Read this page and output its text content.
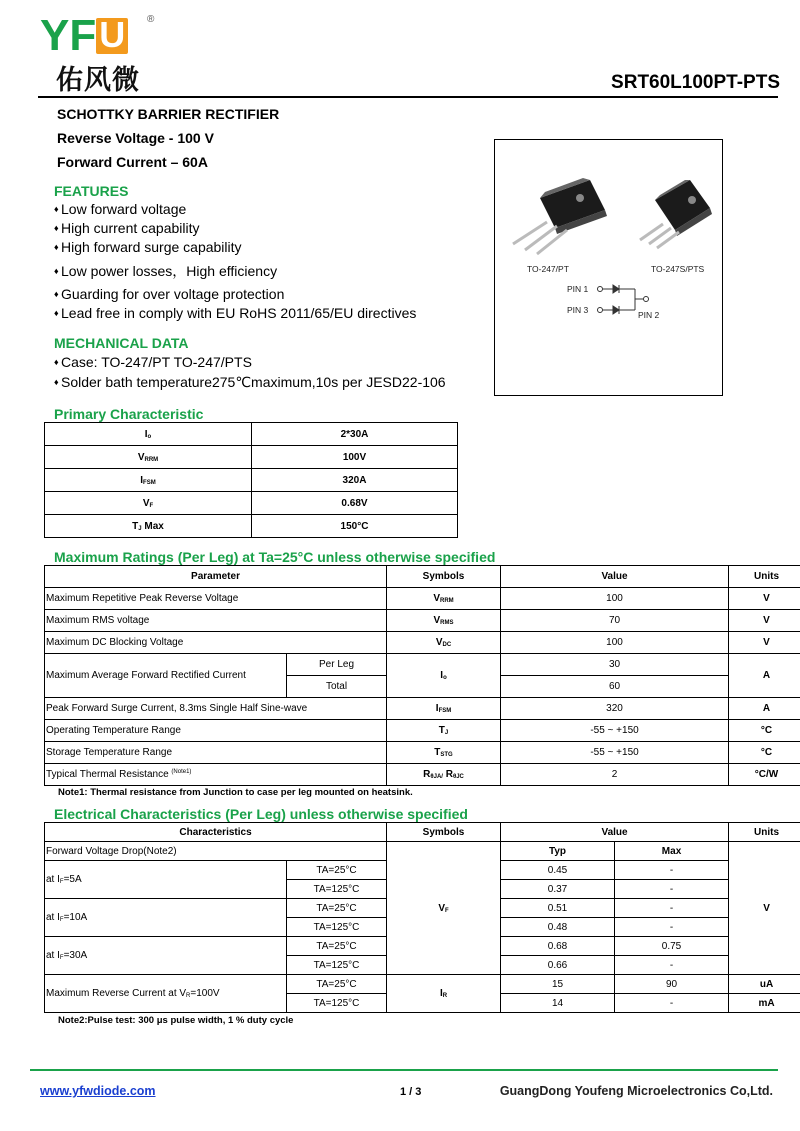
YFU	®
佑风微	SRT60L100PT-PTS
SCHOTTKY BARRIER RECTIFIER
Reverse Voltage - 100 V
Forward Current – 60A
FEATURES
♦ Low forward voltage
♦ High current capability
♦ High forward surge capability
♦ Low power losses，High efficiency
♦ Guarding for over voltage protection
♦ Lead free in comply with EU RoHS 2011/65/EU directives
MECHANICAL DATA
♦ Case: TO-247/PT TO-247/PTS
♦ Solder bath temperature275℃maximum,10s per JESD22-106
TO-247/PT	TO-247S/PTS
PIN 1
PIN 3	PIN 2
Primary Characteristic
$I_o$	2*30A
$V_{RRM}$	100V
$I_{FSM}$	320A
$V_F$	0.68V
$T_J$ Max	150°C
Maximum Ratings (Per Leg) at Ta=25°C unless otherwise specified
Parameter		Symbols	Value	Units
Maximum Repetitive Peak Reverse Voltage		$V_{RRM}$	100	V
Maximum RMS voltage		$V_{RMS}$	70	V
Maximum DC Blocking Voltage		$V_{DC}$	100	V
Maximum Average Forward Rectified Current	Per Leg	$I_o$	30	A
	Total		60	
Peak Forward Surge Current, 8.3ms Single Half Sine-wave		$I_{FSM}$	320	A
Operating Temperature Range		$T_J$	-55 ~ +150	°C
Storage Temperature Range		$T_{STG}$	-55 ~ +150	°C
Typical Thermal Resistance $^{(Note1)}$		$R_{\theta JA/}$ $R_{\theta JC}$	2	°C/W
Note1: Thermal resistance from Junction to case per leg mounted on heatsink.
Electrical Characteristics (Per Leg) unless otherwise specified
Characteristics		Symbols	Value		Units
Forward Voltage Drop(Note2)		$V_F$	Typ	Max	V
at $I_F=5A$	TA=25°C		0.45	-	
	TA=125°C		0.37	-	
at $I_F=10A$	TA=25°C		0.51	-	
	TA=125°C		0.48	-	
at $I_F=30A$	TA=25°C		0.68	0.75	
	TA=125°C		0.66	-	
Maximum Reverse Current at $V_R=100V$	TA=25°C	$I_R$	15	90	uA
	TA=125°C		14	-	mA
Note2:Pulse test: 300 μs pulse width, 1 % duty cycle
www.yfwdiode.com	1 / 3	GuangDong Youfeng Microelectronics Co,Ltd.
